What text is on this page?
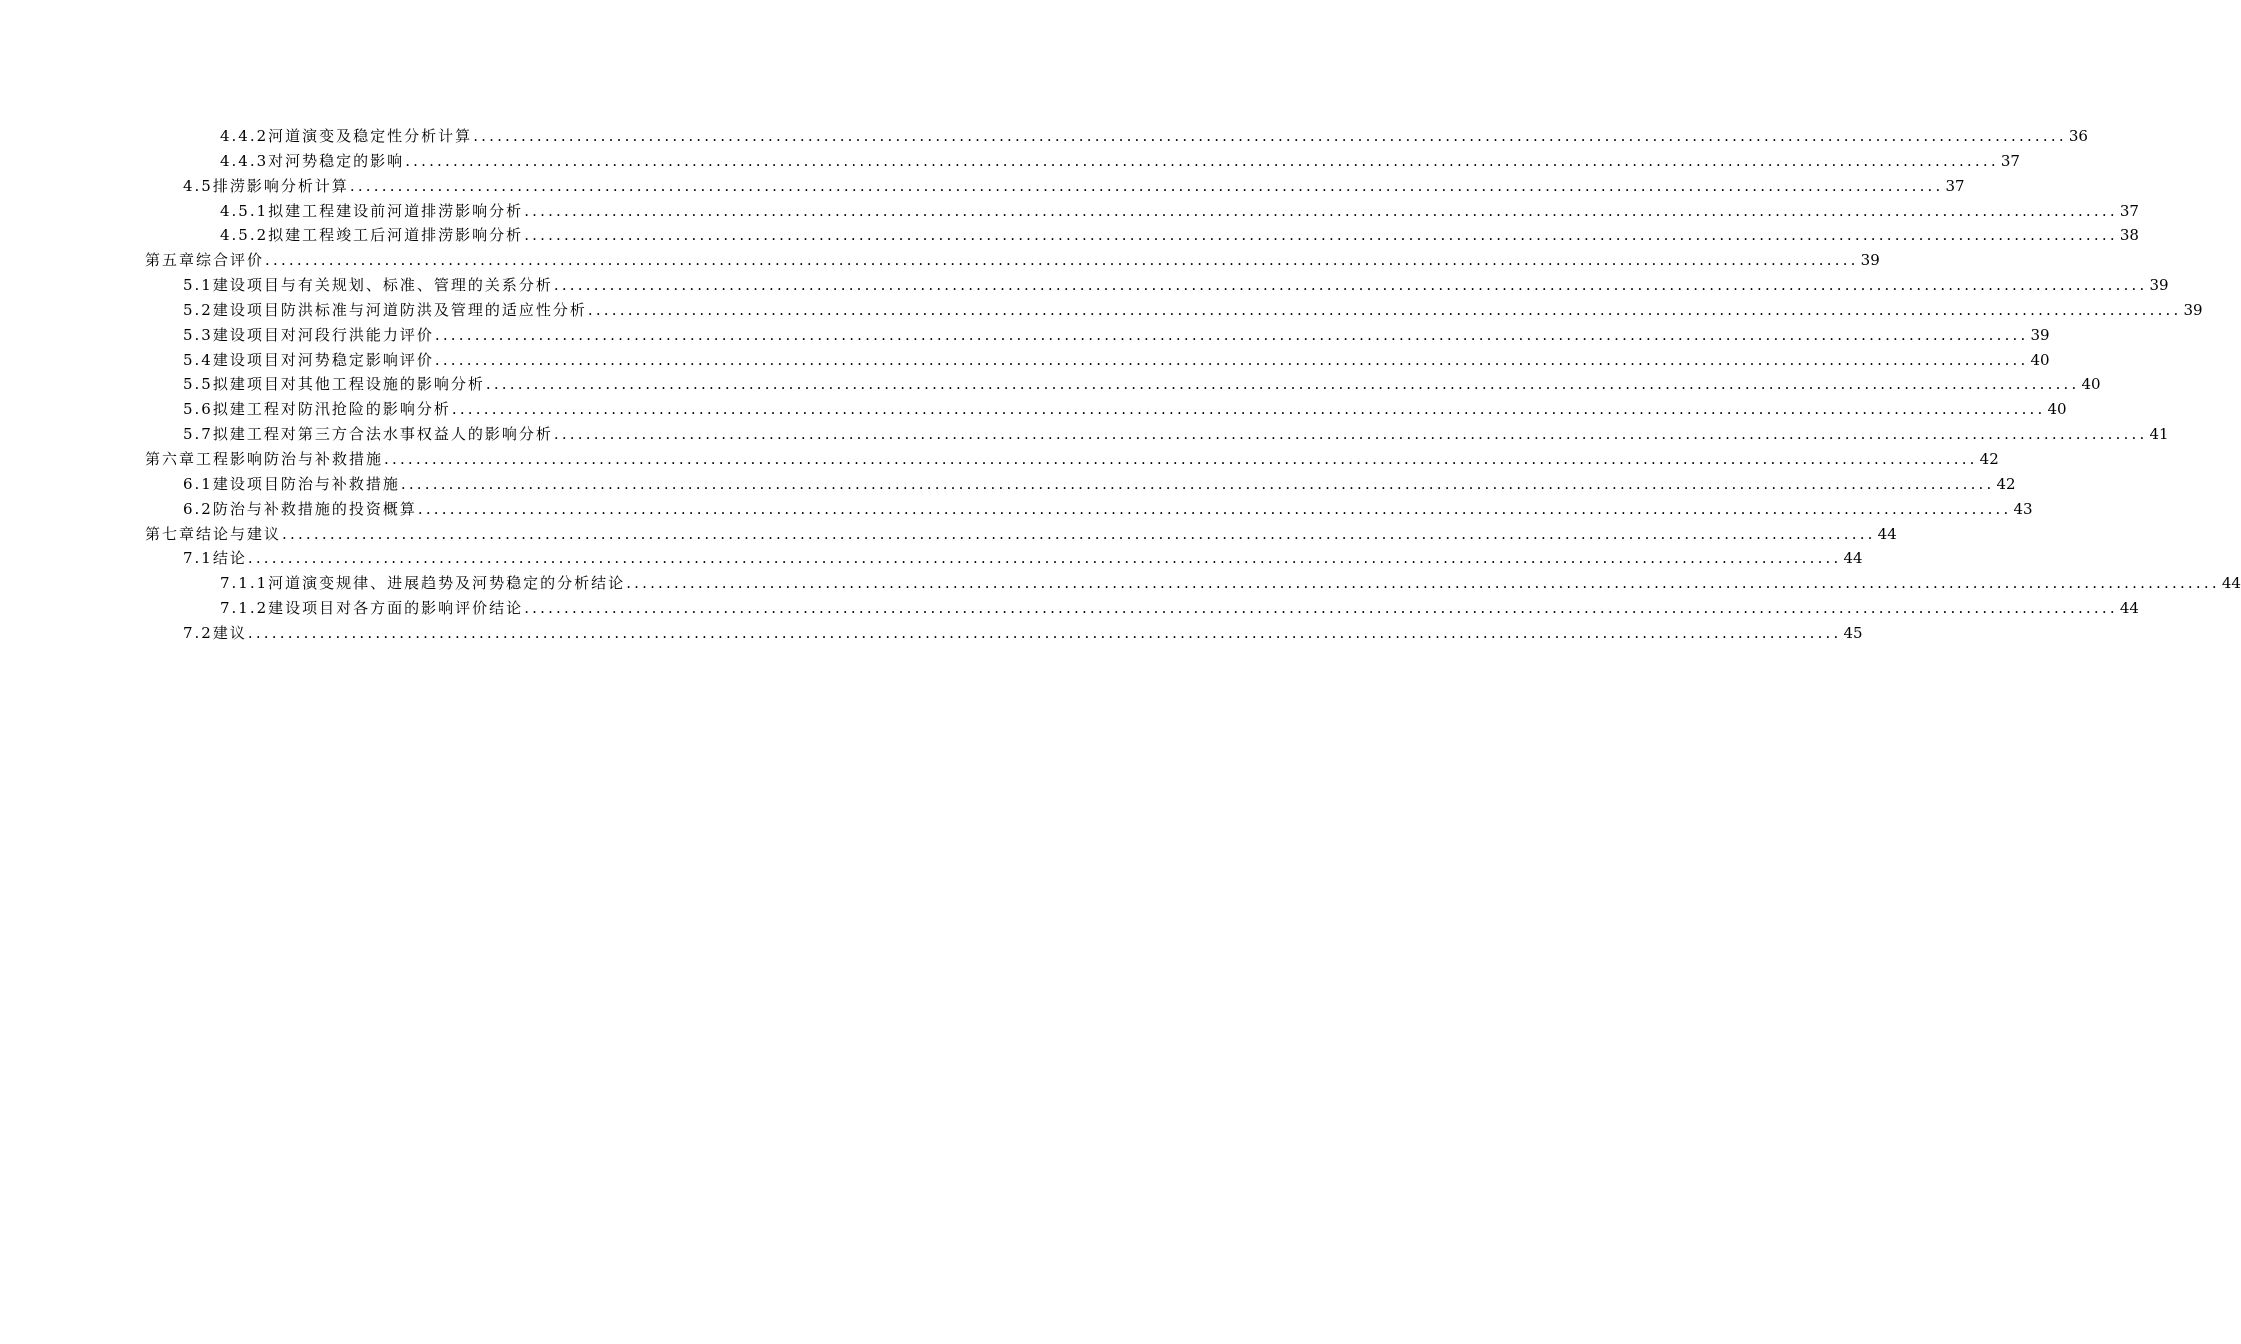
4.4.2 河道演变及稳定性分析计算 ........................................................................................................................................................................................................ 36
4.4.3 对河势稳定的影响 ........................................................................................................................................................................................................ 37
4.5 排涝影响分析计算 ........................................................................................................................................................................................................ 37
4.5.1 拟建工程建设前河道排涝影响分析 ........................................................................................................................................................................................................ 37
4.5.2 拟建工程竣工后河道排涝影响分析 ........................................................................................................................................................................................................ 38
第五章 综合评价 ........................................................................................................................................................................................................ 39
5.1 建设项目与有关规划、标准、管理的关系分析 ........................................................................................................................................................................................................ 39
5.2 建设项目防洪标准与河道防洪及管理的适应性分析 ........................................................................................................................................................................................................ 39
5.3 建设项目对河段行洪能力评价 ........................................................................................................................................................................................................ 39
5.4 建设项目对河势稳定影响评价 ........................................................................................................................................................................................................ 40
5.5 拟建项目对其他工程设施的影响分析 ........................................................................................................................................................................................................ 40
5.6 拟建工程对防汛抢险的影响分析 ........................................................................................................................................................................................................ 40
5.7 拟建工程对第三方合法水事权益人的影响分析 ........................................................................................................................................................................................................ 41
第六章 工程影响防治与补救措施 ........................................................................................................................................................................................................ 42
6.1 建设项目防治与补救措施 ........................................................................................................................................................................................................ 42
6.2 防治与补救措施的投资概算 ........................................................................................................................................................................................................ 43
第七章 结论与建议 ........................................................................................................................................................................................................ 44
7.1 结论 ........................................................................................................................................................................................................ 44
7.1.1 河道演变规律、进展趋势及河势稳定的分析结论 ........................................................................................................................................................................................................ 44
7.1.2 建设项目对各方面的影响评价结论 ........................................................................................................................................................................................................ 44
7.2 建议 ........................................................................................................................................................................................................ 45
